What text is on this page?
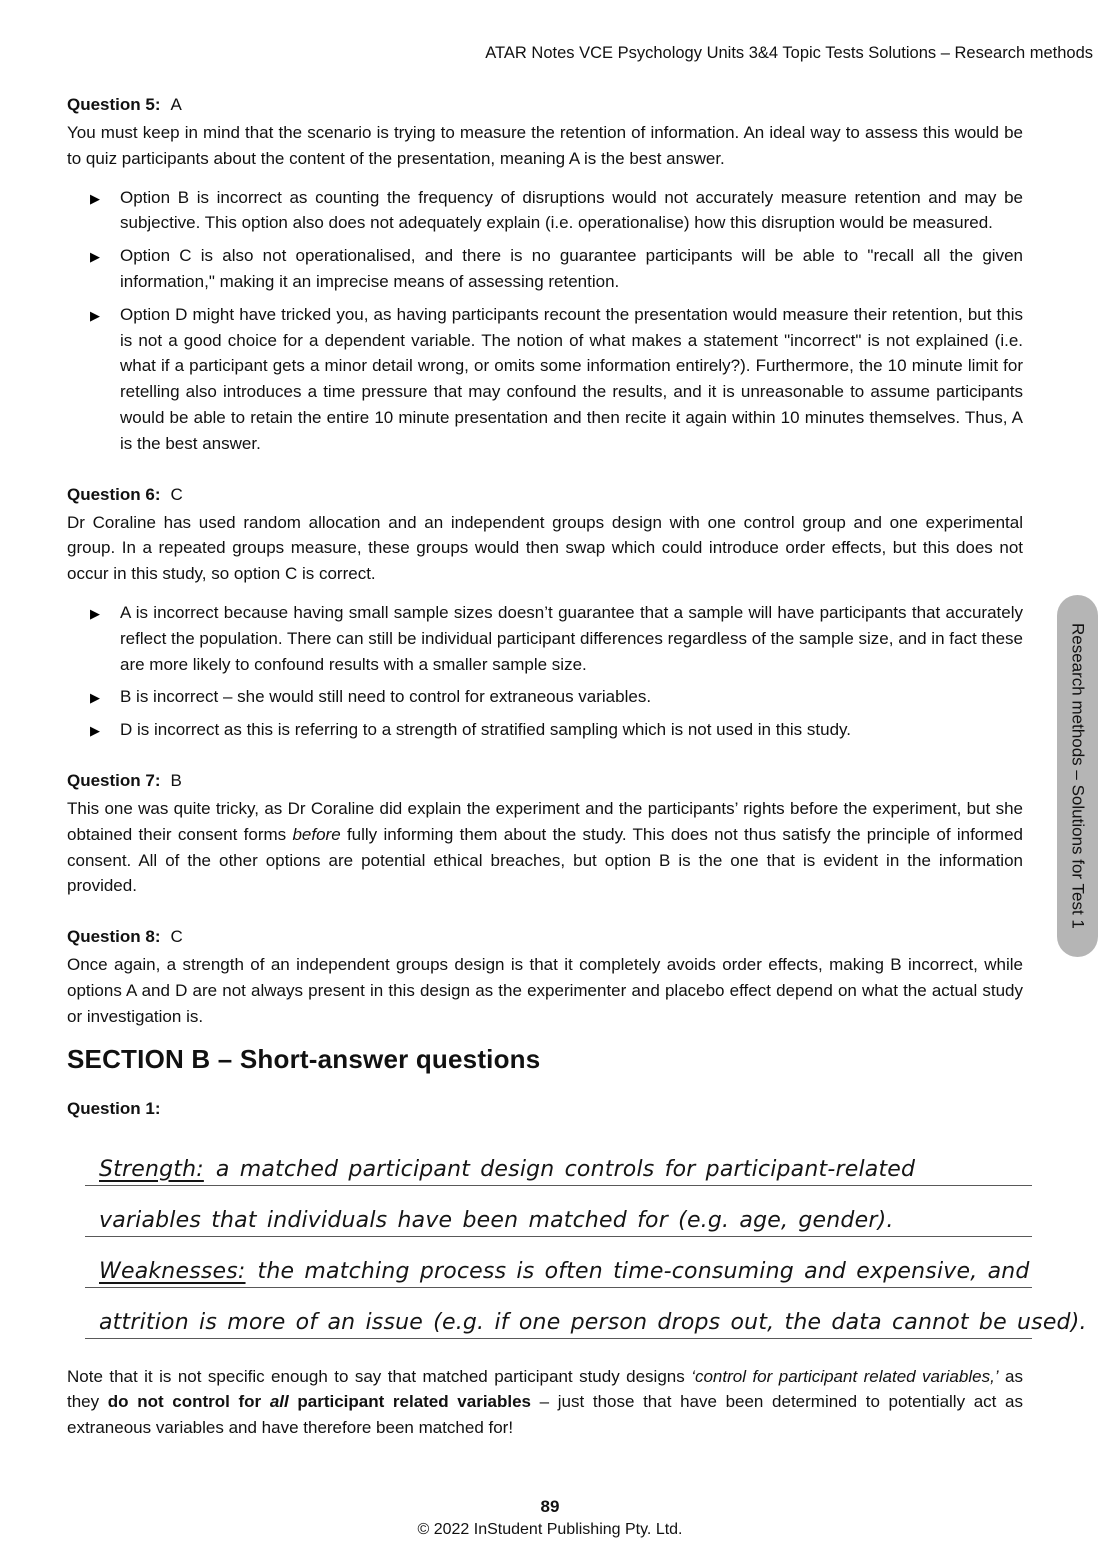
ATAR Notes VCE Psychology Units 3&4 Topic Tests Solutions – Research methods
Question 5: A

You must keep in mind that the scenario is trying to measure the retention of information. An ideal way to assess this would be to quiz participants about the content of the presentation, meaning A is the best answer.

▶ Option B is incorrect as counting the frequency of disruptions would not accurately measure retention and may be subjective. This option also does not adequately explain (i.e. operationalise) how this disruption would be measured.
▶ Option C is also not operationalised, and there is no guarantee participants will be able to "recall all the given information," making it an imprecise means of assessing retention.
▶ Option D might have tricked you, as having participants recount the presentation would measure their retention, but this is not a good choice for a dependent variable. The notion of what makes a statement "incorrect" is not explained (i.e. what if a participant gets a minor detail wrong, or omits some information entirely?). Furthermore, the 10 minute limit for retelling also introduces a time pressure that may confound the results, and it is unreasonable to assume participants would be able to retain the entire 10 minute presentation and then recite it again within 10 minutes themselves. Thus, A is the best answer.
Question 6: C

Dr Coraline has used random allocation and an independent groups design with one control group and one experimental group. In a repeated groups measure, these groups would then swap which could introduce order effects, but this does not occur in this study, so option C is correct.

▶ A is incorrect because having small sample sizes doesn’t guarantee that a sample will have participants that accurately reflect the population. There can still be individual participant differences regardless of the sample size, and in fact these are more likely to confound results with a smaller sample size.
▶ B is incorrect – she would still need to control for extraneous variables.
▶ D is incorrect as this is referring to a strength of stratified sampling which is not used in this study.
Question 7: B

This one was quite tricky, as Dr Coraline did explain the experiment and the participants’ rights before the experiment, but she obtained their consent forms before fully informing them about the study. This does not thus satisfy the principle of informed consent. All of the other options are potential ethical breaches, but option B is the one that is evident in the information provided.

Question 8: C

Once again, a strength of an independent groups design is that it completely avoids order effects, making B incorrect, while options A and D are not always present in this design as the experimenter and placebo effect depend on what the actual study or investigation is.

SECTION B – Short-answer questions
Question 1:
Strength: a matched participant design controls for participant-related
variables that individuals have been matched for (e.g. age, gender).
Weaknesses: the matching process is often time-consuming and expensive, and
attrition is more of an issue (e.g. if one person drops out, the data cannot be used).

Note that it is not specific enough to say that matched participant study designs ‘control for participant related variables,’ as they do not control for all participant related variables – just those that have been determined to potentially act as extraneous variables and have therefore been matched for!

Research methods – Solutions for Test 1
89
© 2022 InStudent Publishing Pty. Ltd.
